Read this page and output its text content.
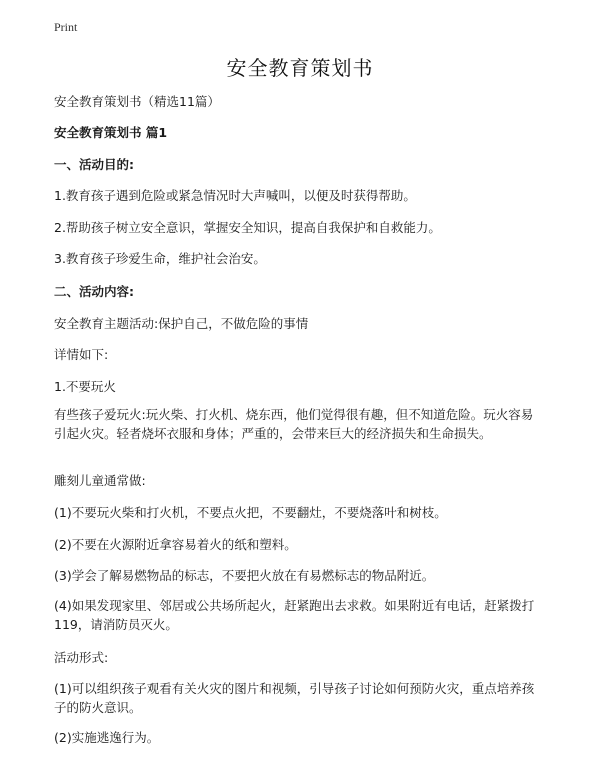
Print
安全教育策划书

安全教育策划书（精选11篇）

安全教育策划书 篇1

一、活动目的:

1.教育孩子遇到危险或紧急情况时大声喊叫，以便及时获得帮助。

2.帮助孩子树立安全意识，掌握安全知识，提高自我保护和自救能力。

3.教育孩子珍爱生命，维护社会治安。

二、活动内容:

安全教育主题活动:保护自己，不做危险的事情

详情如下:

1.不要玩火

有些孩子爱玩火:玩火柴、打火机、烧东西，他们觉得很有趣，但不知道危险。玩火容易引起火灾。轻者烧坏衣服和身体；严重的，会带来巨大的经济损失和生命损失。

雕刻儿童通常做:

(1)不要玩火柴和打火机，不要点火把，不要翻灶，不要烧落叶和树枝。

(2)不要在火源附近拿容易着火的纸和塑料。

(3)学会了解易燃物品的标志，不要把火放在有易燃标志的物品附近。

(4)如果发现家里、邻居或公共场所起火，赶紧跑出去求救。如果附近有电话，赶紧拨打119，请消防员灭火。

活动形式:

(1)可以组织孩子观看有关火灾的图片和视频，引导孩子讨论如何预防火灾，重点培养孩子的防火意识。

(2)实施逃逸行为。
